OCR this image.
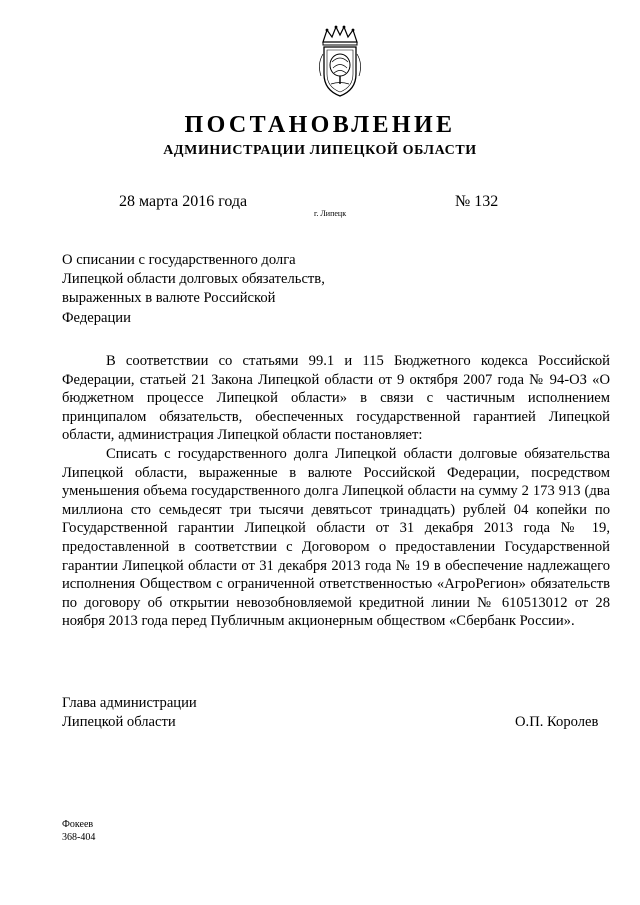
ПОСТАНОВЛЕНИЕ
АДМИНИСТРАЦИИ ЛИПЕЦКОЙ ОБЛАСТИ
28 марта 2016 года
г. Липецк
№ 132
О списании с государственного долга
Липецкой области долговых обязательств,
выраженных в валюте Российской
Федерации

В соответствии со статьями 99.1 и 115 Бюджетного кодекса Российской Федерации, статьей 21 Закона Липецкой области от 9 октября 2007 года № 94-ОЗ «О бюджетном процессе Липецкой области» в связи с частичным исполнением принципалом обязательств, обеспеченных государственной гарантией Липецкой области, администрация Липецкой области постановляет:

Списать с государственного долга Липецкой области долговые обязательства Липецкой области, выраженные в валюте Российской Федерации, посредством уменьшения объема государственного долга Липецкой области на сумму 2 173 913 (два миллиона сто семьдесят три тысячи девятьсот тринадцать) рублей 04 копейки по Государственной гарантии Липецкой области от 31 декабря 2013 года № 19, предоставленной в соответствии с Договором о предоставлении Государственной гарантии Липецкой области от 31 декабря 2013 года № 19 в обеспечение надлежащего исполнения Обществом с ограниченной ответственностью «АгроРегион» обязательств по договору об открытии невозобновляемой кредитной линии № 610513012 от 28 ноября 2013 года перед Публичным акционерным обществом «Сбербанк России».

Глава администрации
Липецкой области	О.П. Королев
Фокеев
368-404
